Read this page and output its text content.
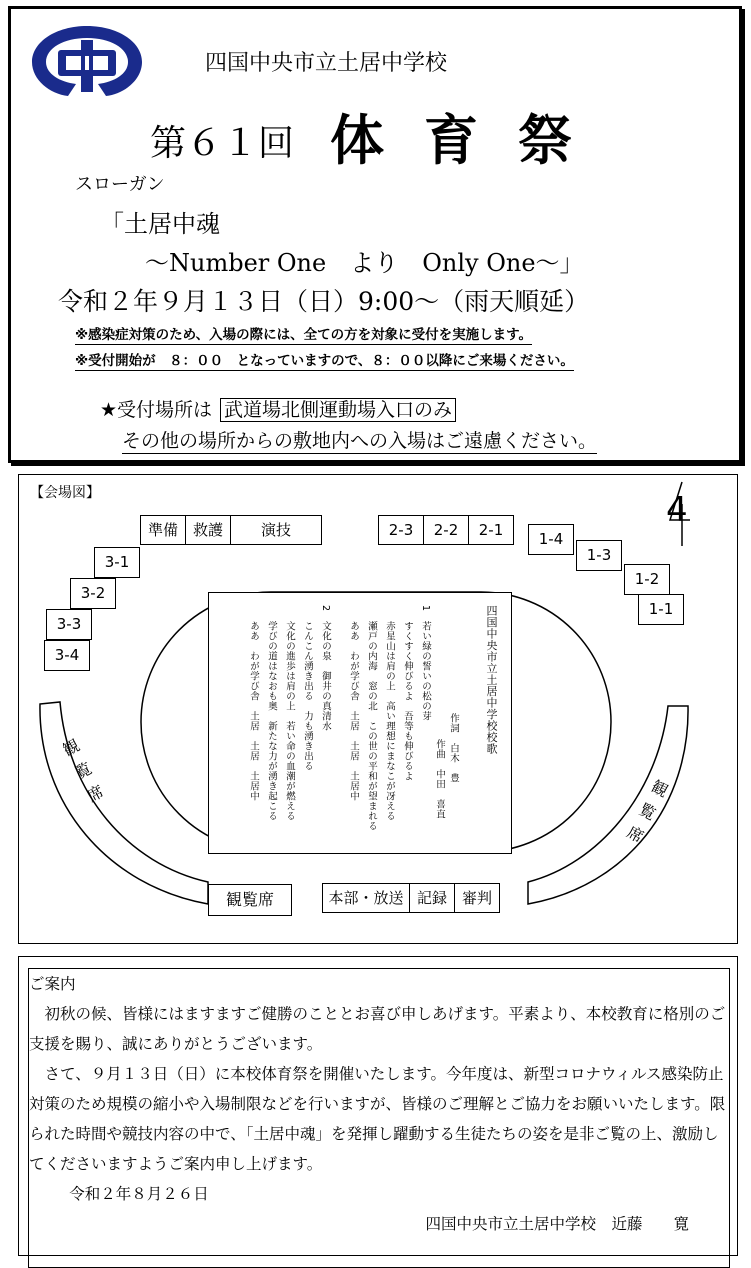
四国中央市立土居中学校
第６１回 体育祭
スローガン
「土居中魂
〜Number One　より　Only One〜」
令和２年９月１３日（日）9:00〜（雨天順延）
※感染症対策のため、入場の際には、全ての方を対象に受付を実施します。
※受付開始が　８：００　となっていますので、８：００以降にご来場ください。
★受付場所は 武道場北側運動場入口のみ
その他の場所からの敷地内への入場はご遠慮ください。
【会場図】	4
準備 救護	演技	2-3	2-2	2-1
3-1
3-2
3-3
3-4
1-4
1-3
1-2
1-1
四国中央市立土居中学校校歌
作詞　白木　豊
作曲　中田　喜直
1
若い緑の誓いの松の芽
すくすく伸びるよ　吾等も伸びるよ
赤星山は肩の上　高い理想にまなこが冴える
瀬戸の内海　窓の北　この世の平和が望まれる
ああ　わが学び舎　土居　土居　土居中
2
文化の泉　御井の真清水
こんこん湧き出る　力も湧き出る
文化の進歩は肩の上　若い命の血潮が燃える
学びの道はなおも奥　新たな力が湧き起こる
ああ　わが学び舎　土居　土居　土居中
観覧席
観覧席
観覧席	本部・放送 記録 審判

ご案内

初秋の候、皆様にはますますご健勝のこととお喜び申しあげます。平素より、本校教育に格別のご支援を賜り、誠にありがとうございます。

さて、９月１３日（日）に本校体育祭を開催いたします。今年度は、新型コロナウィルス感染防止対策のため規模の縮小や入場制限などを行いますが、皆様のご理解とご協力をお願いいたします。限られた時間や競技内容の中で、「土居中魂」を発揮し躍動する生徒たちの姿を是非ご覧の上、激励してくださいますようご案内申し上げます。

令和２年８月２６日

四国中央市立土居中学校　近藤　　寛
